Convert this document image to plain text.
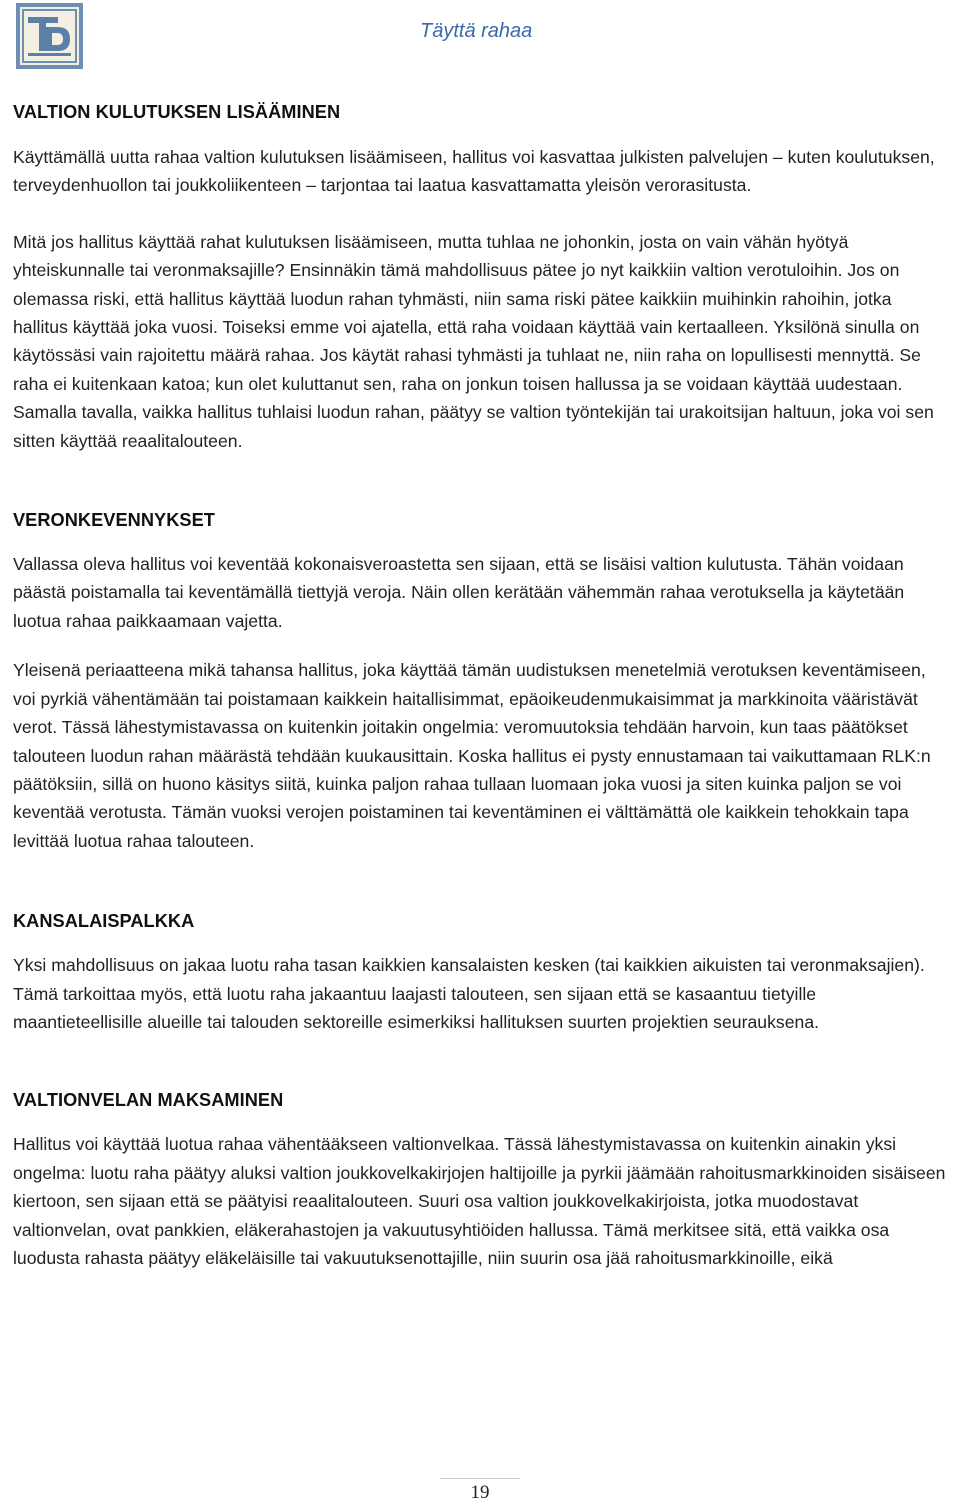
Täyttä rahaa
VALTION KULUTUKSEN LISÄÄMINEN

Käyttämällä uutta rahaa valtion kulutuksen lisäämiseen, hallitus voi kasvattaa julkisten palvelujen – kuten koulutuksen, terveydenhuollon tai joukkoliikenteen – tarjontaa tai laatua kasvattamatta yleisön verorasitusta.

Mitä jos hallitus käyttää rahat kulutuksen lisäämiseen, mutta tuhlaa ne johonkin, josta on vain vähän hyötyä yhteiskunnalle tai veronmaksajille? Ensinnäkin tämä mahdollisuus pätee jo nyt kaikkiin valtion verotuloihin. Jos on olemassa riski, että hallitus käyttää luodun rahan tyhmästi, niin sama riski pätee kaikkiin muihinkin rahoihin, jotka hallitus käyttää joka vuosi. Toiseksi emme voi ajatella, että raha voidaan käyttää vain kertaalleen. Yksilönä sinulla on käytössäsi vain rajoitettu määrä rahaa. Jos käytät rahasi tyhmästi ja tuhlaat ne, niin raha on lopullisesti mennyttä. Se raha ei kuitenkaan katoa; kun olet kuluttanut sen, raha on jonkun toisen hallussa ja se voidaan käyttää uudestaan. Samalla tavalla, vaikka hallitus tuhlaisi luodun rahan, päätyy se valtion työntekijän tai urakoitsijan haltuun, joka voi sen sitten käyttää reaalitalouteen.

VERONKEVENNYKSET

Vallassa oleva hallitus voi keventää kokonaisveroastetta sen sijaan, että se lisäisi valtion kulutusta. Tähän voidaan päästä poistamalla tai keventämällä tiettyjä veroja. Näin ollen kerätään vähemmän rahaa verotuksella ja käytetään luotua rahaa paikkaamaan vajetta.

Yleisenä periaatteena mikä tahansa hallitus, joka käyttää tämän uudistuksen menetelmiä verotuksen keventämiseen, voi pyrkiä vähentämään tai poistamaan kaikkein haitallisimmat, epäoikeudenmukaisimmat ja markkinoita vääristävät verot. Tässä lähestymistavassa on kuitenkin joitakin ongelmia: veromuutoksia tehdään harvoin, kun taas päätökset talouteen luodun rahan määrästä tehdään kuukausittain. Koska hallitus ei pysty ennustamaan tai vaikuttamaan RLK:n päätöksiin, sillä on huono käsitys siitä, kuinka paljon rahaa tullaan luomaan joka vuosi ja siten kuinka paljon se voi keventää verotusta. Tämän vuoksi verojen poistaminen tai keventäminen ei välttämättä ole kaikkein tehokkain tapa levittää luotua rahaa talouteen.

KANSALAISPALKKA

Yksi mahdollisuus on jakaa luotu raha tasan kaikkien kansalaisten kesken (tai kaikkien aikuisten tai veronmaksajien). Tämä tarkoittaa myös, että luotu raha jakaantuu laajasti talouteen, sen sijaan että se kasaantuu tietyille maantieteellisille alueille tai talouden sektoreille esimerkiksi hallituksen suurten projektien seurauksena.

VALTIONVELAN MAKSAMINEN

Hallitus voi käyttää luotua rahaa vähentääkseen valtionvelkaa. Tässä lähestymistavassa on kuitenkin ainakin yksi ongelma: luotu raha päätyy aluksi valtion joukkovelkakirjojen haltijoille ja pyrkii jäämään rahoitusmarkkinoiden sisäiseen kiertoon, sen sijaan että se päätyisi reaalitalouteen. Suuri osa valtion joukkovelkakirjoista, jotka muodostavat valtionvelan, ovat pankkien, eläkerahastojen ja vakuutusyhtiöiden hallussa. Tämä merkitsee sitä, että vaikka osa luodusta rahasta päätyy eläkeläisille tai vakuutuksenottajille, niin suurin osa jää rahoitusmarkkinoille, eikä

19
